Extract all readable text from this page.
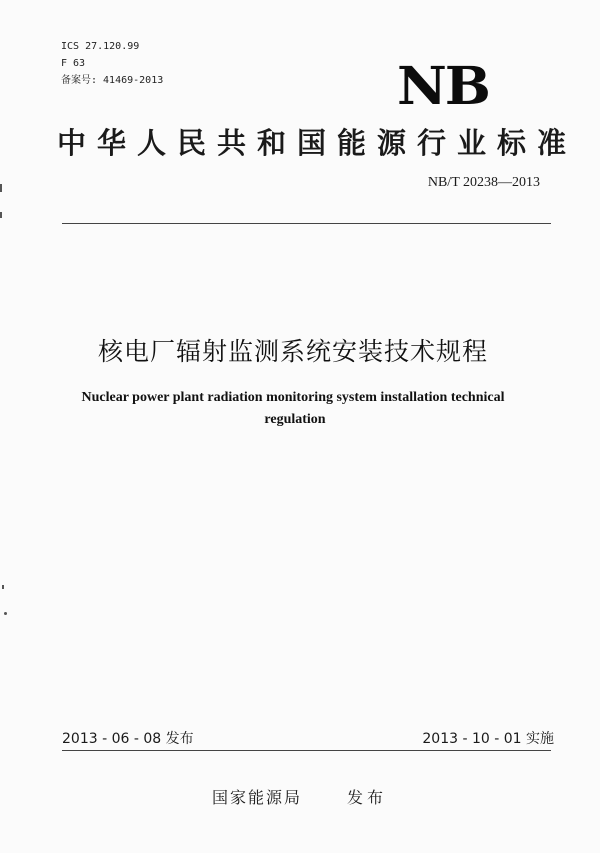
ICS 27.120.99
F 63
备案号: 41469-2013	NB
中华人民共和国能源行业标准
NB/T 20238—2013
核电厂辐射监测系统安装技术规程
Nuclear power plant radiation monitoring system installation technical
regulation
2013 - 06 - 08 发布	2013 - 10 - 01 实施
国家能源局	发布
